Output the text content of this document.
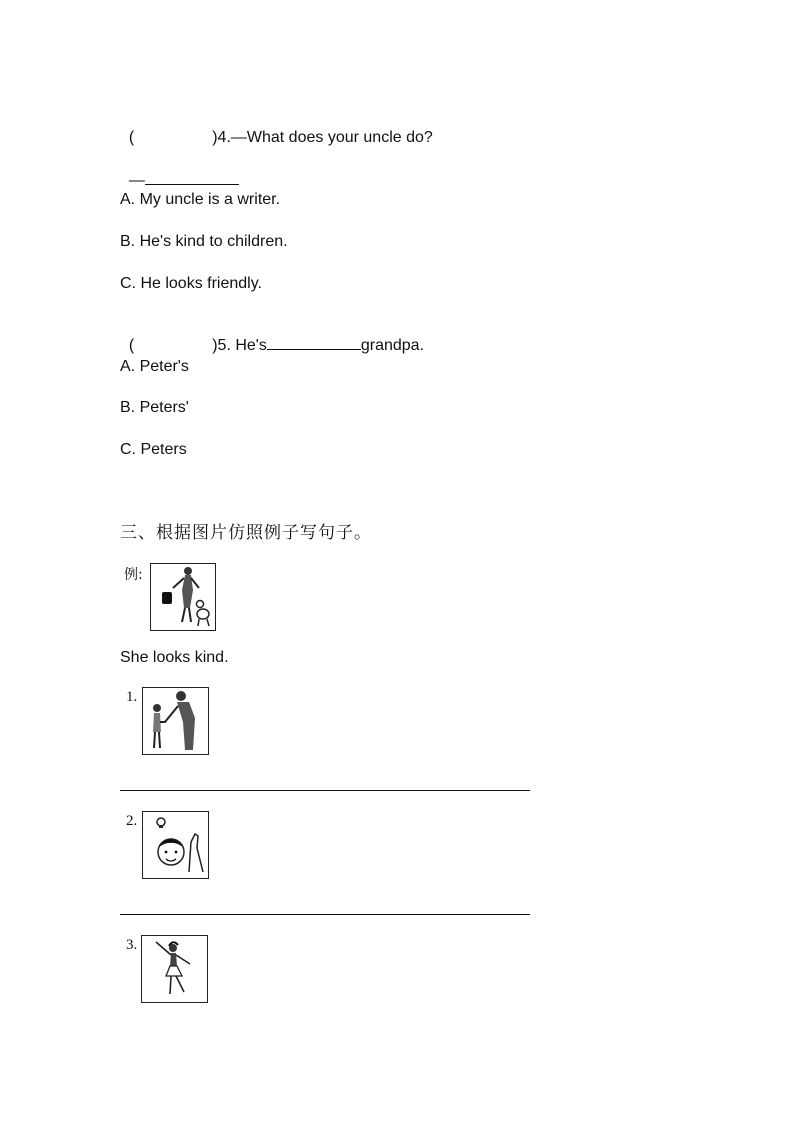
(	)4.—What does your uncle do?

—

A. My uncle is a writer.
B. He's kind to children.
C. He looks friendly.

(	)5. He's	grandpa.

A. Peter's
B. Peters'
C. Peters
三、根据图片仿照例子写句子。
例:
She looks kind.
1.
2.
3.
